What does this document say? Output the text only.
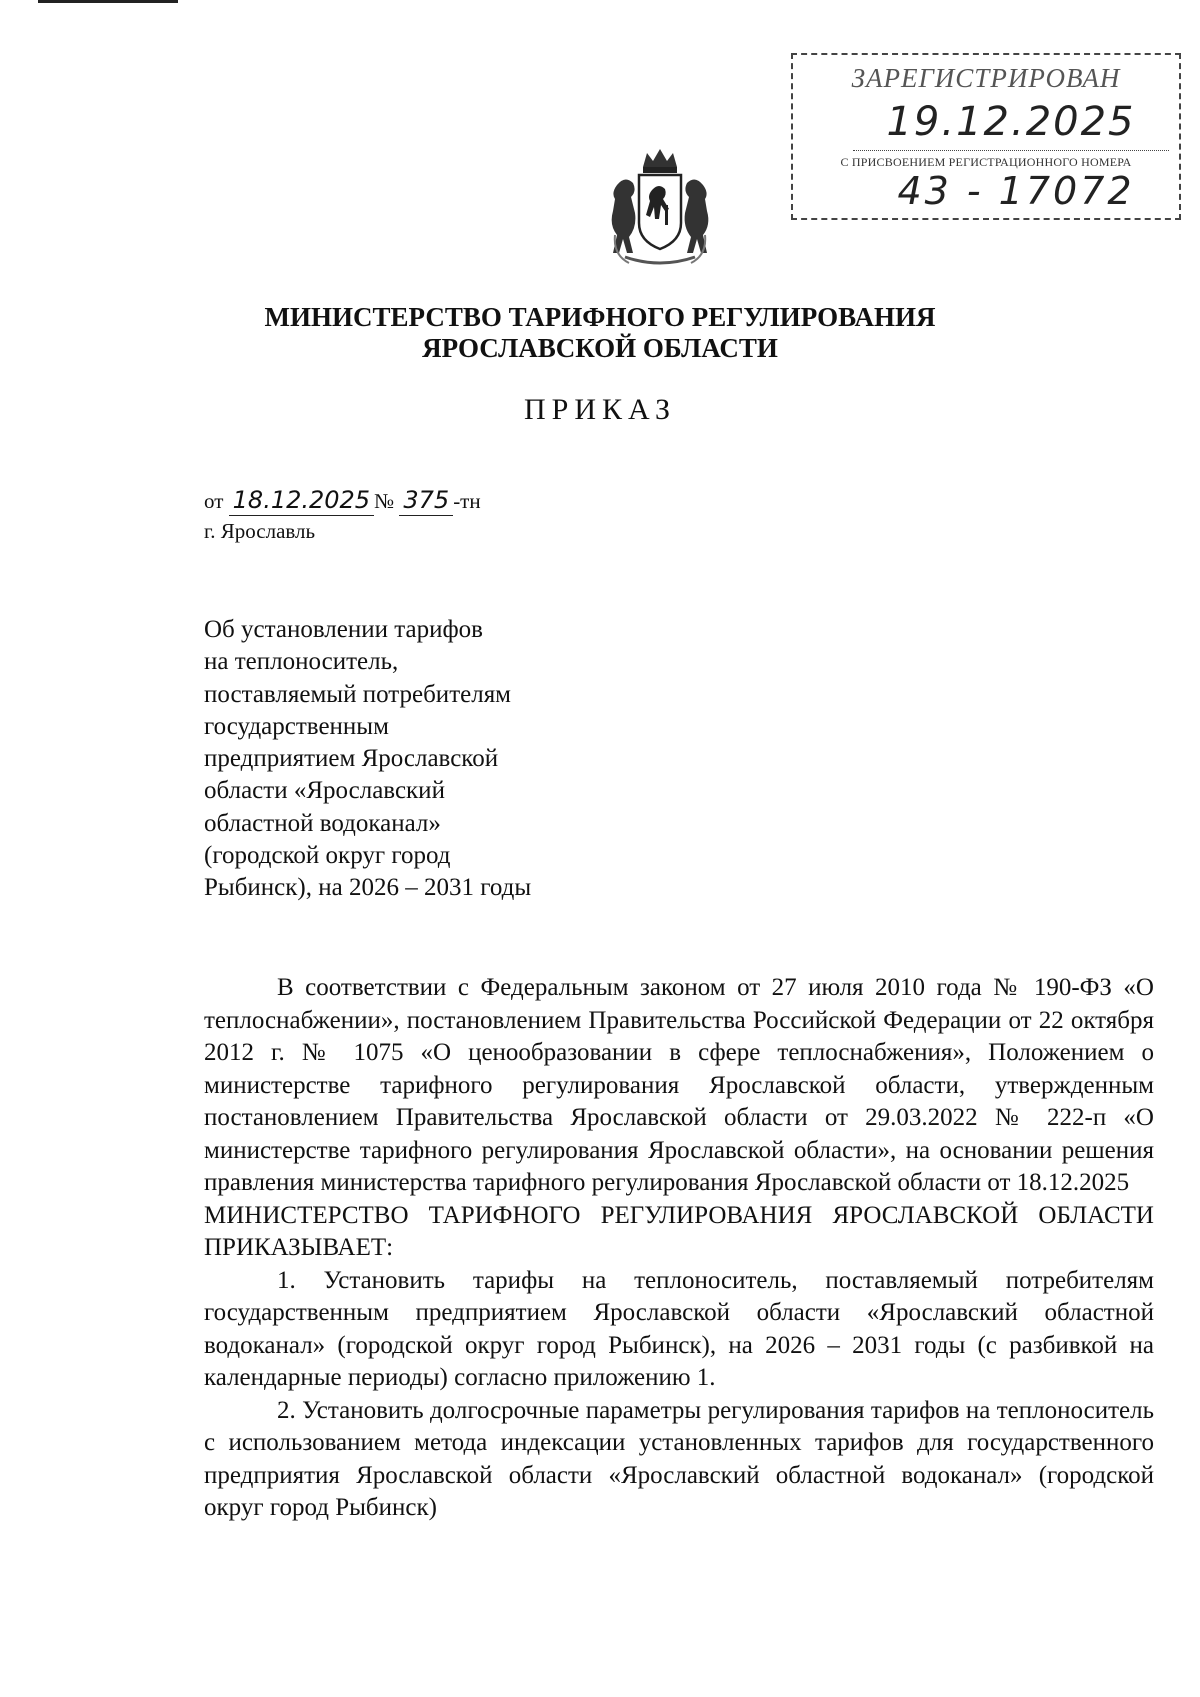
ЗАРЕГИСТРИРОВАН
19.12.2025
С ПРИСВОЕНИЕМ РЕГИСТРАЦИОННОГО НОМЕРА
43 - 17072
МИНИСТЕРСТВО ТАРИФНОГО РЕГУЛИРОВАНИЯ
ЯРОСЛАВСКОЙ ОБЛАСТИ
ПРИКАЗ
от 18.12.2025 № 375 -тн
г. Ярославль
Об установлении тарифов
на теплоноситель,
поставляемый потребителям
государственным
предприятием Ярославской
области «Ярославский
областной водоканал»
(городской округ город
Рыбинск), на 2026 – 2031 годы

В соответствии с Федеральным законом от 27 июля 2010 года № 190-ФЗ «О теплоснабжении», постановлением Правительства Российской Федерации от 22 октября 2012 г. № 1075 «О ценообразовании в сфере теплоснабжения», Положением о министерстве тарифного регулирования Ярославской области, утвержденным постановлением Правительства Ярославской области от 29.03.2022 № 222-п «О министерстве тарифного регулирования Ярославской области», на основании решения правления министерства тарифного регулирования Ярославской области от 18.12.2025

МИНИСТЕРСТВО ТАРИФНОГО РЕГУЛИРОВАНИЯ ЯРОСЛАВСКОЙ ОБЛАСТИ ПРИКАЗЫВАЕТ:

1. Установить тарифы на теплоноситель, поставляемый потребителям государственным предприятием Ярославской области «Ярославский областной водоканал» (городской округ город Рыбинск), на 2026 – 2031 годы (с разбивкой на календарные периоды) согласно приложению 1.

2. Установить долгосрочные параметры регулирования тарифов на теплоноситель с использованием метода индексации установленных тарифов для государственного предприятия Ярославской области «Ярославский областной водоканал» (городской округ город Рыбинск)
